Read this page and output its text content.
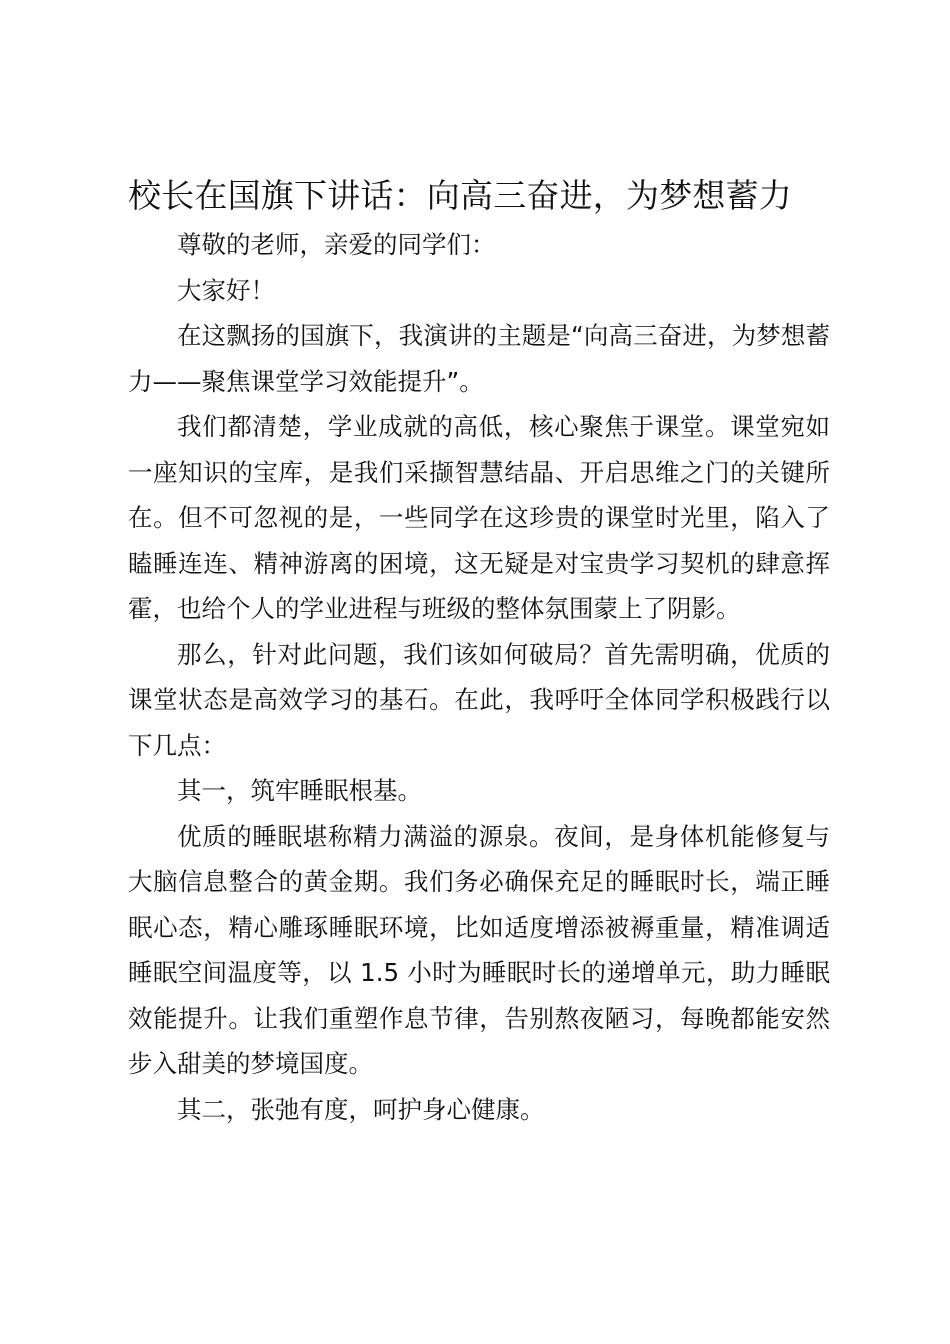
校长在国旗下讲话：向高三奋进，为梦想蓄力

尊敬的老师，亲爱的同学们：

大家好！

在这飘扬的国旗下，我演讲的主题是“向高三奋进，为梦想蓄力——聚焦课堂学习效能提升”。

我们都清楚，学业成就的高低，核心聚焦于课堂。课堂宛如一座知识的宝库，是我们采撷智慧结晶、开启思维之门的关键所在。但不可忽视的是，一些同学在这珍贵的课堂时光里，陷入了瞌睡连连、精神游离的困境，这无疑是对宝贵学习契机的肆意挥霍，也给个人的学业进程与班级的整体氛围蒙上了阴影。

那么，针对此问题，我们该如何破局？首先需明确，优质的课堂状态是高效学习的基石。在此，我呼吁全体同学积极践行以下几点：

其一，筑牢睡眠根基。

优质的睡眠堪称精力满溢的源泉。夜间，是身体机能修复与大脑信息整合的黄金期。我们务必确保充足的睡眠时长，端正睡眠心态，精心雕琢睡眠环境，比如适度增添被褥重量，精准调适睡眠空间温度等，以 1.5 小时为睡眠时长的递增单元，助力睡眠效能提升。让我们重塑作息节律，告别熬夜陋习，每晚都能安然步入甜美的梦境国度。

其二，张弛有度，呵护身心健康。
